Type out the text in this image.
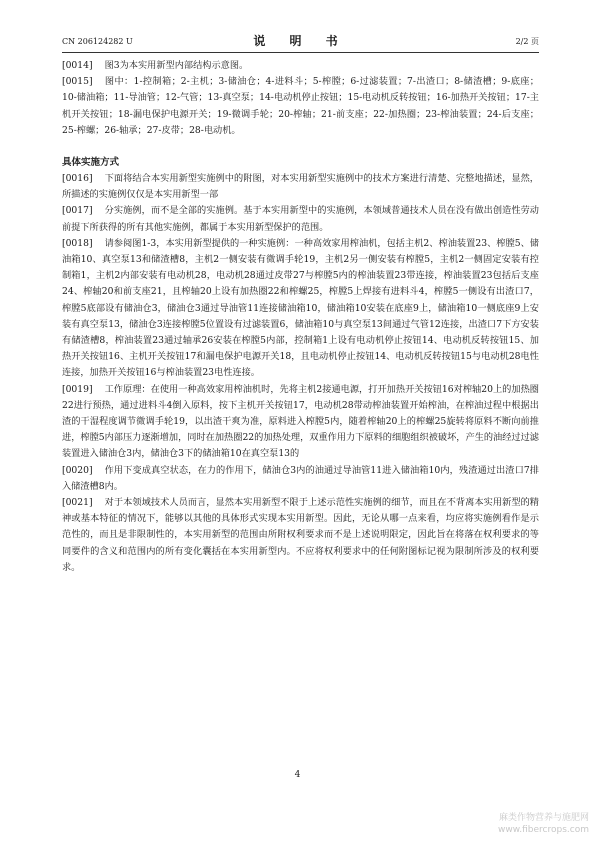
CN 206124282 U	说 明 书	2/2 页

[0014] 图3为本实用新型内部结构示意图。

[0015] 图中：1-控制箱；2-主机；3-储油仓；4-进料斗；5-榨膛；6-过滤装置；7-出渣口；8-储渣槽；9-底座；10-储油箱；11-导油管；12-气管；13-真空泵；14-电动机停止按钮；15-电动机反转按钮；16-加热开关按钮；17-主机开关按钮；18-漏电保护电源开关；19-微调手轮；20-榨轴；21-前支座；22-加热圈；23-榨油装置；24-后支座；25-榨螺；26-轴承；27-皮带；28-电动机。

具体实施方式

[0016] 下面将结合本实用新型实施例中的附图，对本实用新型实施例中的技术方案进行清楚、完整地描述，显然，所描述的实施例仅仅是本实用新型一部

[0017] 分实施例，而不是全部的实施例。基于本实用新型中的实施例，本领域普通技术人员在没有做出创造性劳动前提下所获得的所有其他实施例，都属于本实用新型保护的范围。

[0018] 请参阅图1-3，本实用新型提供的一种实施例：一种高效家用榨油机，包括主机2、榨油装置23、榨膛5、储油箱10、真空泵13和储渣槽8，主机2一侧安装有微调手轮19，主机2另一侧安装有榨膛5，主机2一侧固定安装有控制箱1，主机2内部安装有电动机28，电动机28通过皮带27与榨膛5内的榨油装置23带连接，榨油装置23包括后支座24、榨轴20和前支座21，且榨轴20上设有加热圈22和榨螺25，榨膛5上焊接有进料斗4，榨膛5一侧设有出渣口7，榨膛5底部设有储油仓3，储油仓3通过导油管11连接储油箱10，储油箱10安装在底座9上，储油箱10一侧底座9上安装有真空泵13，储油仓3连接榨膛5位置设有过滤装置6，储油箱10与真空泵13间通过气管12连接，出渣口7下方安装有储渣槽8，榨油装置23通过轴承26安装在榨膛5内部，控制箱1上设有电动机停止按钮14、电动机反转按钮15、加热开关按钮16、主机开关按钮17和漏电保护电源开关18，且电动机停止按钮14、电动机反转按钮15与电动机28电性连接，加热开关按钮16与榨油装置23电性连接。

[0019] 工作原理：在使用一种高效家用榨油机时，先将主机2接通电源，打开加热开关按钮16对榨轴20上的加热圈22进行预热，通过进料斗4倒入原料，按下主机开关按钮17，电动机28带动榨油装置开始榨油，在榨油过程中根据出渣的干湿程度调节微调手轮19，以出渣干爽为准，原料进入榨膛5内，随着榨轴20上的榨螺25旋转将原料不断向前推进，榨膛5内部压力逐渐增加，同时在加热圈22的加热处理，双重作用力下原料的细胞组织被破坏，产生的油经过过滤装置进入储油仓3内，储油仓3下的储油箱10在真空泵13的

[0020] 作用下变成真空状态，在力的作用下，储油仓3内的油通过导油管11进入储油箱10内，残渣通过出渣口7排入储渣槽8内。

[0021] 对于本领域技术人员而言，显然本实用新型不限于上述示范性实施例的细节，而且在不背离本实用新型的精神或基本特征的情况下，能够以其他的具体形式实现本实用新型。因此，无论从哪一点来看，均应将实施例看作是示范性的，而且是非限制性的，本实用新型的范围由所附权利要求而不是上述说明限定，因此旨在将落在权利要求的等同要件的含义和范围内的所有变化囊括在本实用新型内。不应将权利要求中的任何附图标记视为限制所涉及的权利要求。

4
麻类作物营养与施肥网
www.fibercrops.com
